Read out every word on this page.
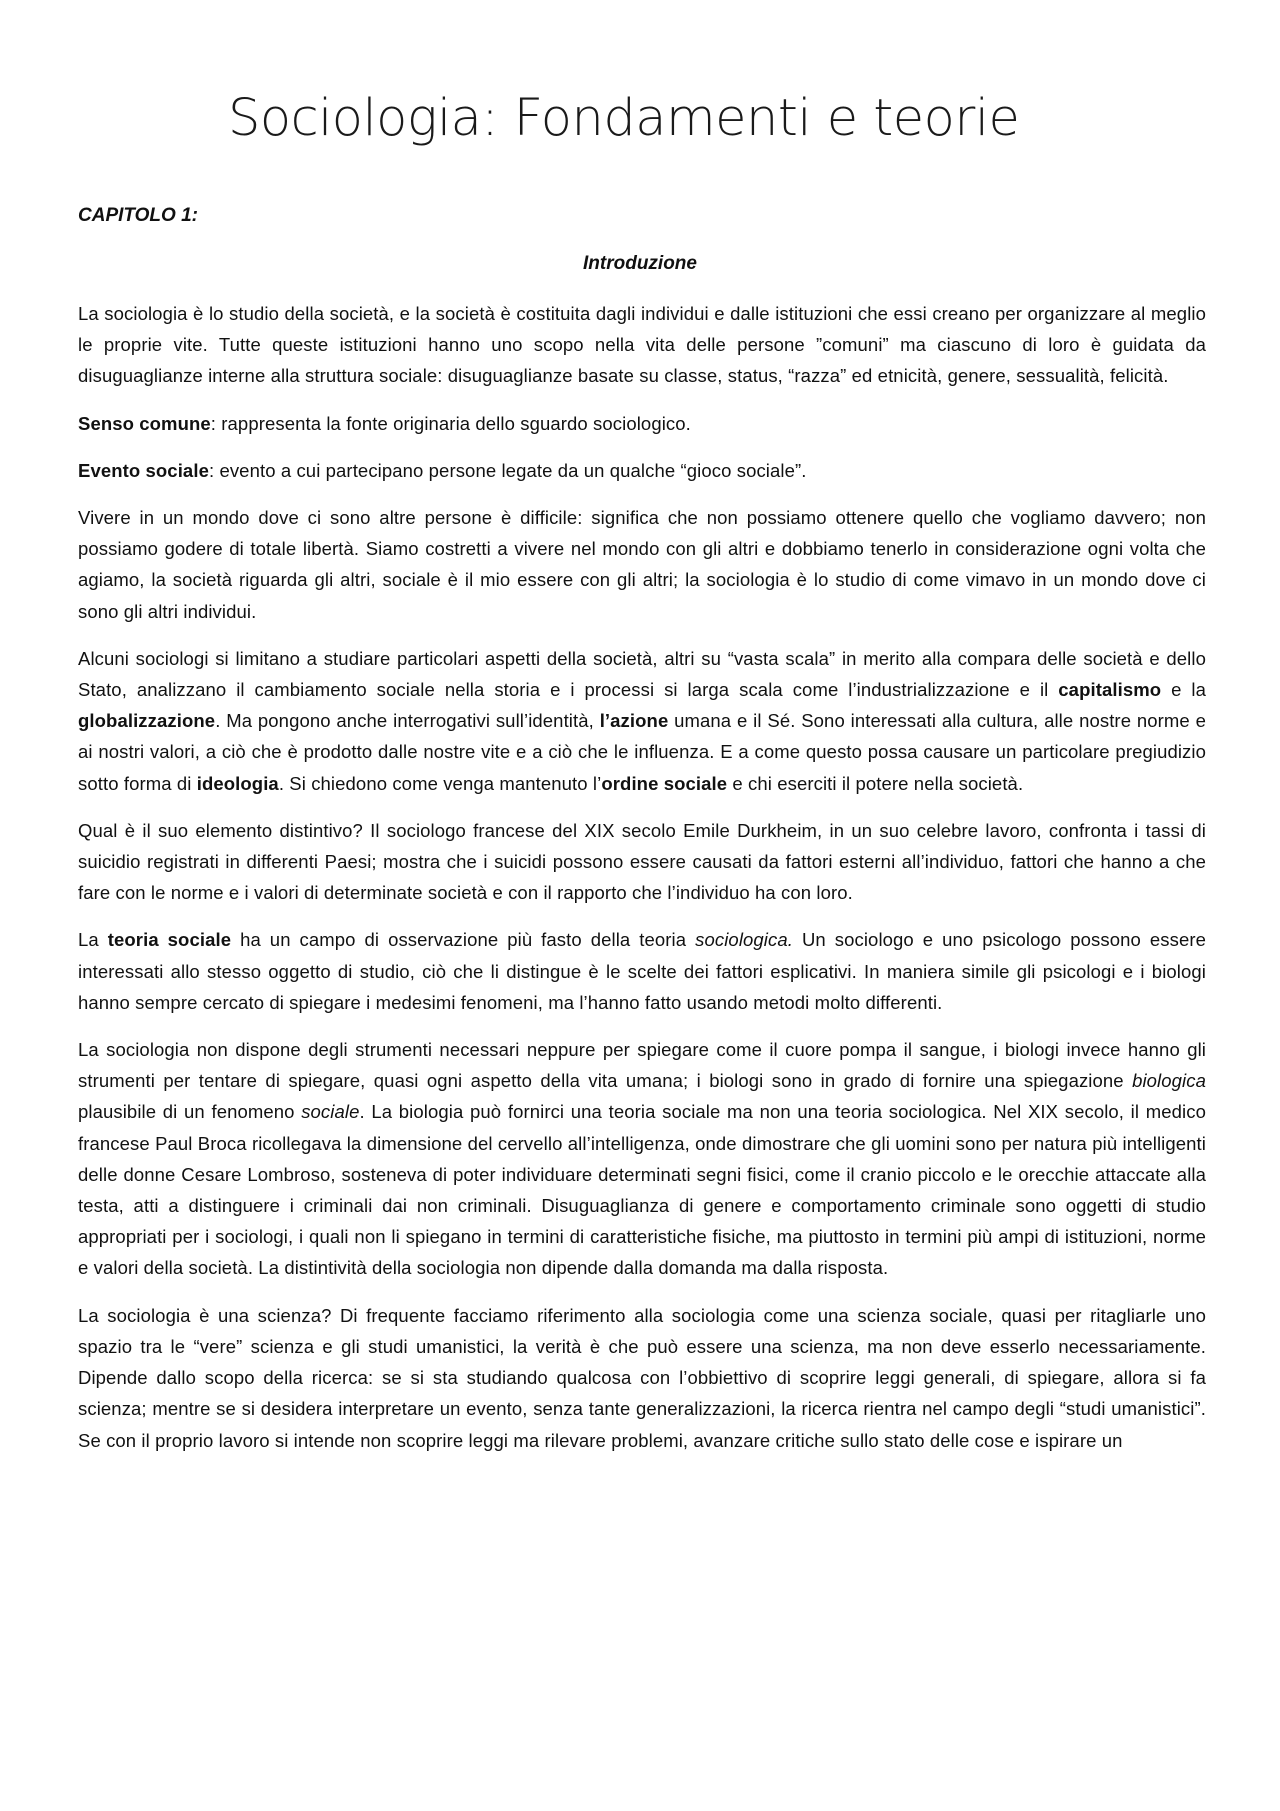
Sociologia: Fondamenti e teorie
CAPITOLO 1:
Introduzione

La sociologia è lo studio della società, e la società è costituita dagli individui e dalle istituzioni che essi creano per organizzare al meglio le proprie vite. Tutte queste istituzioni hanno uno scopo nella vita delle persone ”comuni” ma ciascuno di loro è guidata da disuguaglianze interne alla struttura sociale: disuguaglianze basate su classe, status, “razza” ed etnicità, genere, sessualità, felicità.

Senso comune: rappresenta la fonte originaria dello sguardo sociologico.

Evento sociale: evento a cui partecipano persone legate da un qualche “gioco sociale”.

Vivere in un mondo dove ci sono altre persone è difficile: significa che non possiamo ottenere quello che vogliamo davvero; non possiamo godere di totale libertà. Siamo costretti a vivere nel mondo con gli altri e dobbiamo tenerlo in considerazione ogni volta che agiamo, la società riguarda gli altri, sociale è il mio essere con gli altri; la sociologia è lo studio di come vimavo in un mondo dove ci sono gli altri individui.

Alcuni sociologi si limitano a studiare particolari aspetti della società, altri su “vasta scala” in merito alla compara delle società e dello Stato, analizzano il cambiamento sociale nella storia e i processi si larga scala come l’industrializzazione e il capitalismo e la globalizzazione. Ma pongono anche interrogativi sull’identità, l’azione umana e il Sé. Sono interessati alla cultura, alle nostre norme e ai nostri valori, a ciò che è prodotto dalle nostre vite e a ciò che le influenza. E a come questo possa causare un particolare pregiudizio sotto forma di ideologia. Si chiedono come venga mantenuto l’ordine sociale e chi eserciti il potere nella società.

Qual è il suo elemento distintivo? Il sociologo francese del XIX secolo Emile Durkheim, in un suo celebre lavoro, confronta i tassi di suicidio registrati in differenti Paesi; mostra che i suicidi possono essere causati da fattori esterni all’individuo, fattori che hanno a che fare con le norme e i valori di determinate società e con il rapporto che l’individuo ha con loro.

La teoria sociale ha un campo di osservazione più fasto della teoria sociologica. Un sociologo e uno psicologo possono essere interessati allo stesso oggetto di studio, ciò che li distingue è le scelte dei fattori esplicativi. In maniera simile gli psicologi e i biologi hanno sempre cercato di spiegare i medesimi fenomeni, ma l’hanno fatto usando metodi molto differenti.

La sociologia non dispone degli strumenti necessari neppure per spiegare come il cuore pompa il sangue, i biologi invece hanno gli strumenti per tentare di spiegare, quasi ogni aspetto della vita umana; i biologi sono in grado di fornire una spiegazione biologica plausibile di un fenomeno sociale. La biologia può fornirci una teoria sociale ma non una teoria sociologica. Nel XIX secolo, il medico francese Paul Broca ricollegava la dimensione del cervello all’intelligenza, onde dimostrare che gli uomini sono per natura più intelligenti delle donne Cesare Lombroso, sosteneva di poter individuare determinati segni fisici, come il cranio piccolo e le orecchie attaccate alla testa, atti a distinguere i criminali dai non criminali. Disuguaglianza di genere e comportamento criminale sono oggetti di studio appropriati per i sociologi, i quali non li spiegano in termini di caratteristiche fisiche, ma piuttosto in termini più ampi di istituzioni, norme e valori della società. La distintività della sociologia non dipende dalla domanda ma dalla risposta.

La sociologia è una scienza? Di frequente facciamo riferimento alla sociologia come una scienza sociale, quasi per ritagliarle uno spazio tra le “vere” scienza e gli studi umanistici, la verità è che può essere una scienza, ma non deve esserlo necessariamente. Dipende dallo scopo della ricerca: se si sta studiando qualcosa con l’obbiettivo di scoprire leggi generali, di spiegare, allora si fa scienza; mentre se si desidera interpretare un evento, senza tante generalizzazioni, la ricerca rientra nel campo degli “studi umanistici”. Se con il proprio lavoro si intende non scoprire leggi ma rilevare problemi, avanzare critiche sullo stato delle cose e ispirare un
